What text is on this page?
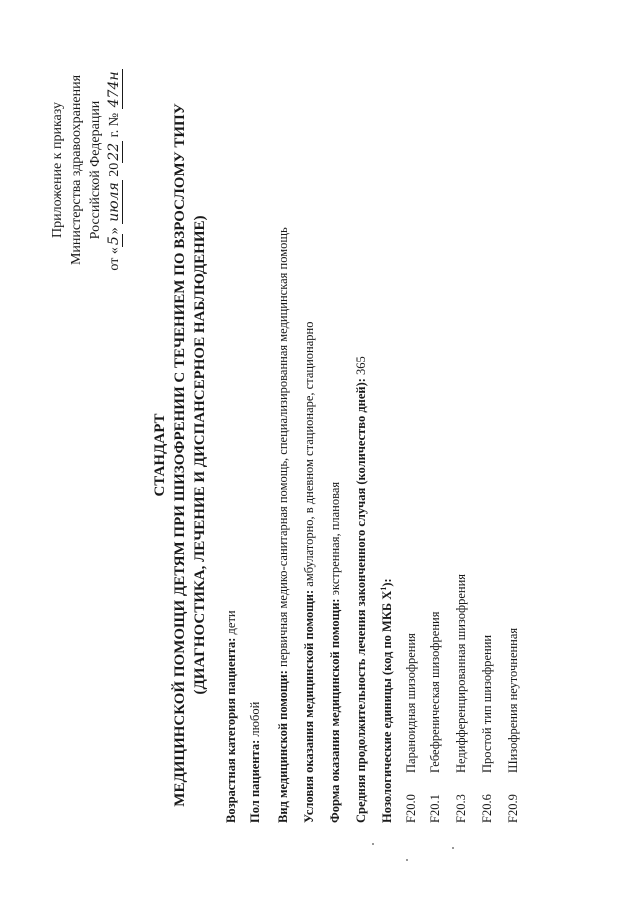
Приложение к приказу Министерства здравоохранения Российской Федерации
от «5» июля 2022 г. № 474н
СТАНДАРТ МЕДИЦИНСКОЙ ПОМОЩИ ДЕТЯМ ПРИ ШИЗОФРЕНИИ С ТЕЧЕНИЕМ ПО ВЗРОСЛОМУ ТИПУ (ДИАГНОСТИКА, ЛЕЧЕНИЕ И ДИСПАНСЕРНОЕ НАБЛЮДЕНИЕ)
Возрастная категория пациента: дети
Пол пациента: любой Вид медицинской помощи: первичная медико-санитарная помощь, специализированная медицинская помощь
Условия оказания медицинской помощи: амбулаторно, в дневном стационаре, стационарно
Форма оказания медицинской помощи: экстренная, плановая Средняя продолжительность лечения законченного случая (количество дней): 365
Нозологические единицы (код по МКБ $X^1$):
F20.0
Параноидная шизофрения
F20.1
Гебефреническая шизофрения
F20.3
Недифференцированная шизофрения
F20.6
Простой тип шизофрении
F20.9
Шизофрения неуточненная
